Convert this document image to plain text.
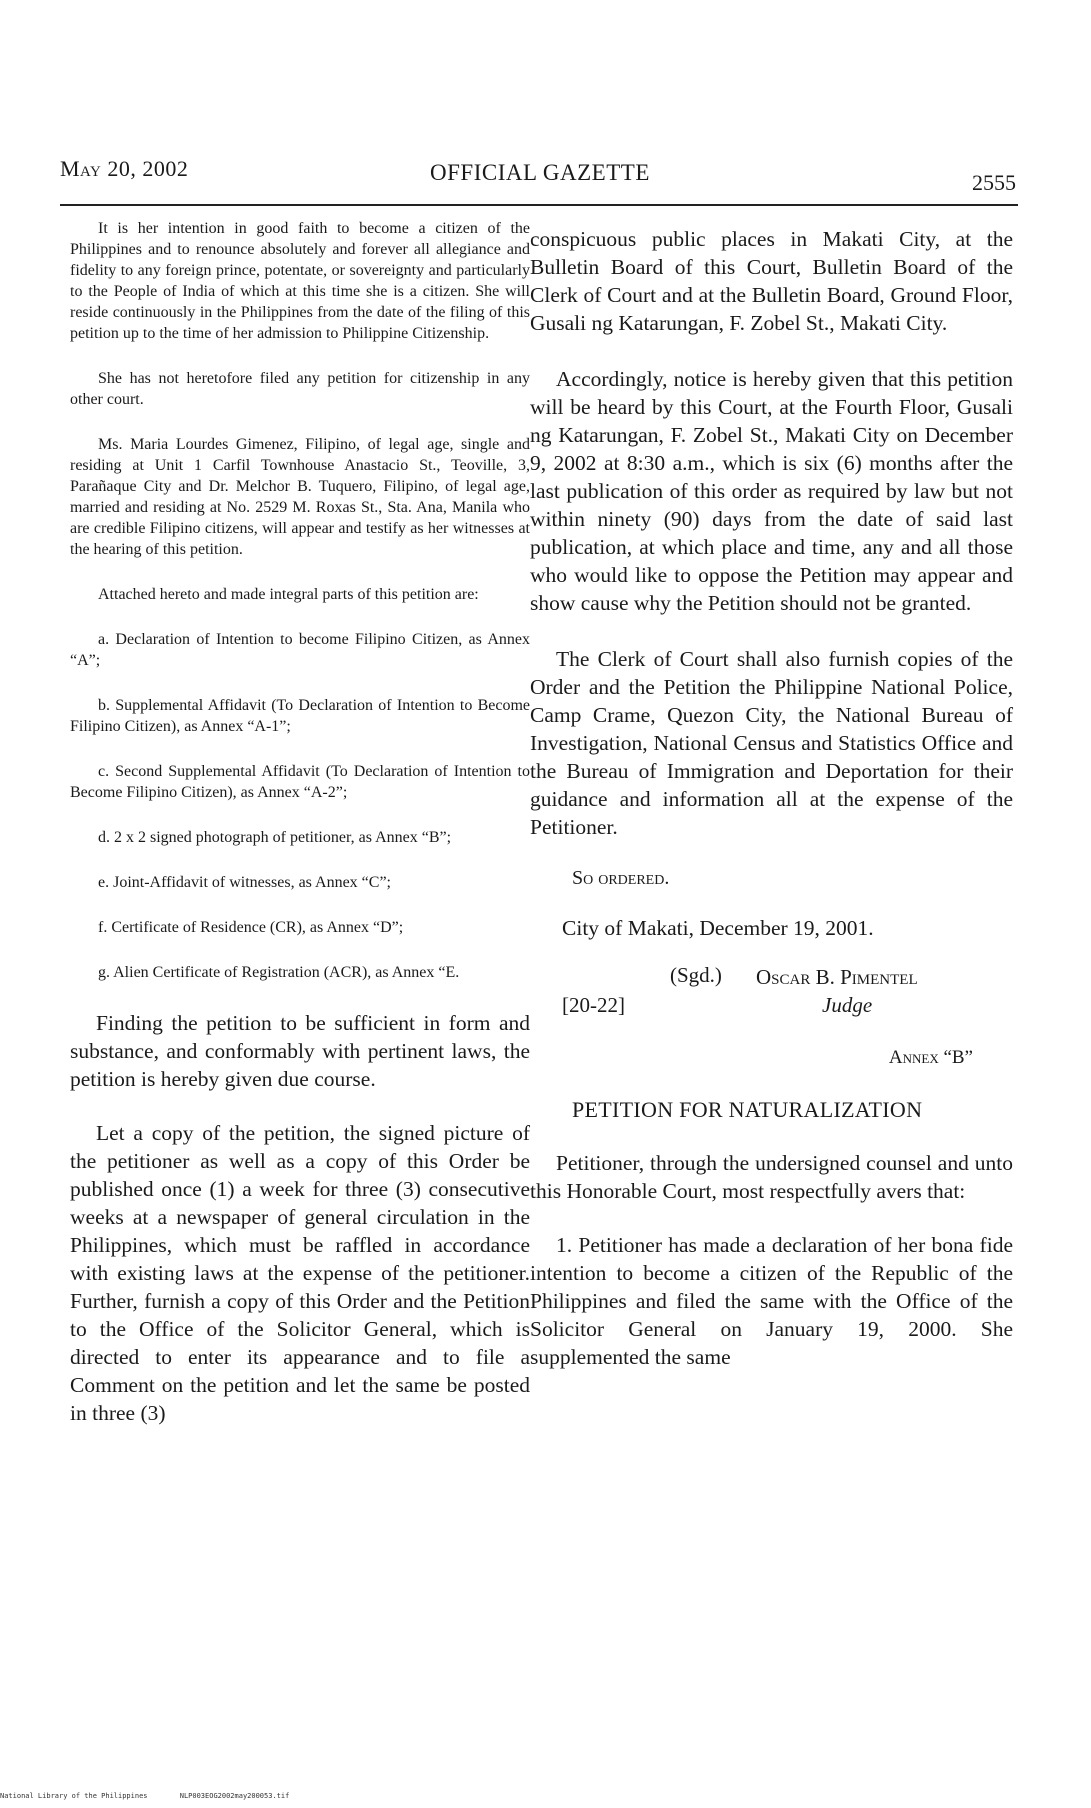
May 20, 2002	OFFICIAL GAZETTE	2555

It is her intention in good faith to become a citizen of the Philippines and to renounce absolutely and forever all allegiance and fidelity to any foreign prince, potentate, or sovereignty and particularly to the People of India of which at this time she is a citizen. She will reside continuously in the Philippines from the date of the filing of this petition up to the time of her admission to Philippine Citizenship.

She has not heretofore filed any petition for citizenship in any other court.

Ms. Maria Lourdes Gimenez, Filipino, of legal age, single and residing at Unit 1 Carfil Townhouse Anastacio St., Teoville, 3, Parañaque City and Dr. Melchor B. Tuquero, Filipino, of legal age, married and residing at No. 2529 M. Roxas St., Sta. Ana, Manila who are credible Filipino citizens, will appear and testify as her witnesses at the hearing of this petition.

Attached hereto and made integral parts of this petition are:

a. Declaration of Intention to become Filipino Citizen, as Annex “A”;

b. Supplemental Affidavit (To Declaration of Intention to Become Filipino Citizen), as Annex “A-1”;

c. Second Supplemental Affidavit (To Declaration of Intention to Become Filipino Citizen), as Annex “A-2”;

d. 2 x 2 signed photograph of petitioner, as Annex “B”;

e. Joint-Affidavit of witnesses, as Annex “C”;

f. Certificate of Residence (CR), as Annex “D”;

g. Alien Certificate of Registration (ACR), as Annex “E.

Finding the petition to be sufficient in form and substance, and conformably with pertinent laws, the petition is hereby given due course.

Let a copy of the petition, the signed picture of the petitioner as well as a copy of this Order be published once (1) a week for three (3) consecutive weeks at a newspaper of general circulation in the Philippines, which must be raffled in accordance with existing laws at the expense of the petitioner. Further, furnish a copy of this Order and the Petition to the Office of the Solicitor General, which is directed to enter its appearance and to file a Comment on the petition and let the same be posted in three (3)

conspicuous public places in Makati City, at the Bulletin Board of this Court, Bulletin Board of the Clerk of Court and at the Bulletin Board, Ground Floor, Gusali ng Katarungan, F. Zobel St., Makati City.

Accordingly, notice is hereby given that this petition will be heard by this Court, at the Fourth Floor, Gusali ng Katarungan, F. Zobel St., Makati City on December 9, 2002 at 8:30 a.m., which is six (6) months after the last publication of this order as required by law but not within ninety (90) days from the date of said last publication, at which place and time, any and all those who would like to oppose the Petition may appear and show cause why the Petition should not be granted.

The Clerk of Court shall also furnish copies of the Order and the Petition the Philippine National Police, Camp Crame, Quezon City, the National Bureau of Investigation, National Census and Statistics Office and the Bureau of Immigration and Deportation for their guidance and information all at the expense of the Petitioner.

So ordered.

City of Makati, December 19, 2001.

[20-22]
(Sgd.) Oscar B. Pimentel
Judge

Annex “B”

PETITION FOR NATURALIZATION

Petitioner, through the undersigned counsel and unto this Honorable Court, most respectfully avers that:

1. Petitioner has made a declaration of her bona fide intention to become a citizen of the Republic of the Philippines and filed the same with the Office of the Solicitor General on January 19, 2000. She supplemented the same

National Library of the Philippines	NLP003EOG2002may200053.tif
